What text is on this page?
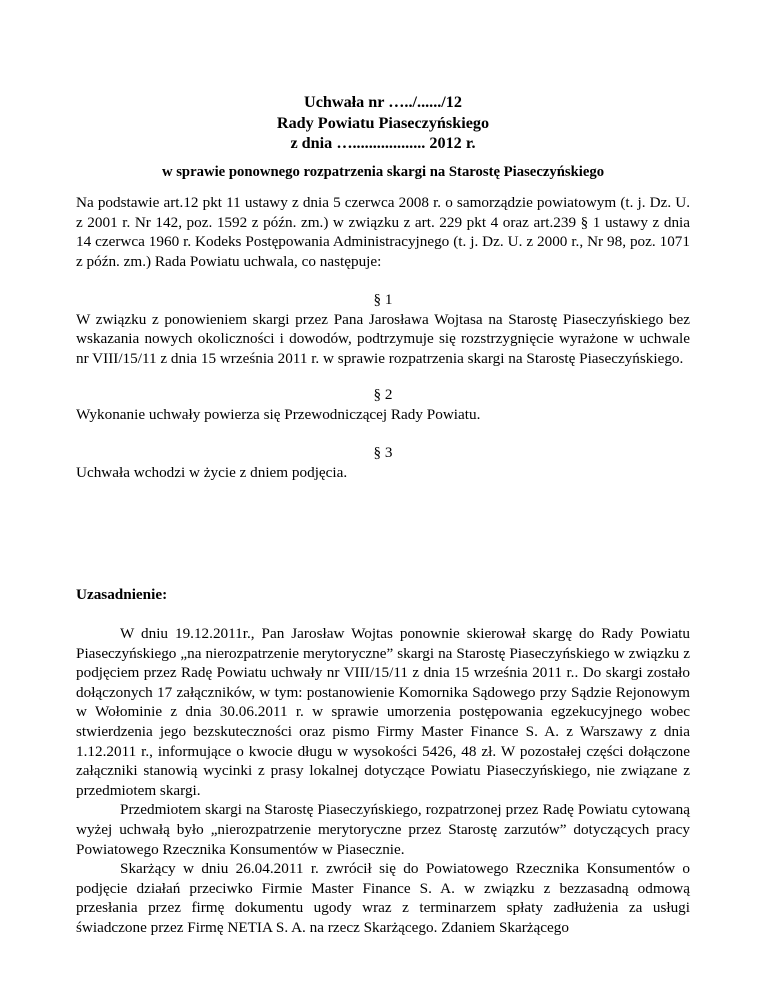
Uchwała nr …../....../12
Rady Powiatu Piaseczyńskiego
z dnia ….................. 2012 r.
w sprawie ponownego rozpatrzenia skargi na Starostę Piaseczyńskiego

Na podstawie art.12 pkt 11 ustawy z dnia 5 czerwca 2008 r. o samorządzie powiatowym (t. j. Dz. U. z 2001 r. Nr 142, poz. 1592 z późn. zm.) w związku z art. 229 pkt 4 oraz art.239 § 1 ustawy z dnia 14 czerwca 1960 r. Kodeks Postępowania Administracyjnego (t. j. Dz. U. z 2000 r., Nr 98, poz. 1071 z późn. zm.) Rada Powiatu uchwala, co następuje:

§ 1

W związku z ponowieniem skargi przez Pana Jarosława Wojtasa na Starostę Piaseczyńskiego bez wskazania nowych okoliczności i dowodów, podtrzymuje się rozstrzygnięcie wyrażone w uchwale nr VIII/15/11 z dnia 15 września 2011 r. w sprawie rozpatrzenia skargi na Starostę Piaseczyńskiego.

§ 2

Wykonanie uchwały powierza się Przewodniczącej Rady Powiatu.

§ 3

Uchwała wchodzi w życie z dniem podjęcia.

Uzasadnienie:

W dniu 19.12.2011r., Pan Jarosław Wojtas ponownie skierował skargę do Rady Powiatu Piaseczyńskiego „na nierozpatrzenie merytoryczne” skargi na Starostę Piaseczyńskiego w związku z podjęciem przez Radę Powiatu uchwały nr VIII/15/11 z dnia 15 września 2011 r.. Do skargi zostało dołączonych 17 załączników, w tym: postanowienie Komornika Sądowego przy Sądzie Rejonowym w Wołominie z dnia 30.06.2011 r. w sprawie umorzenia postępowania egzekucyjnego wobec stwierdzenia jego bezskuteczności oraz pismo Firmy Master Finance S. A. z Warszawy z dnia 1.12.2011 r., informujące o kwocie długu w wysokości 5426, 48 zł. W pozostałej części dołączone załączniki stanowią wycinki z prasy lokalnej dotyczące Powiatu Piaseczyńskiego, nie związane z przedmiotem skargi.

Przedmiotem skargi na Starostę Piaseczyńskiego, rozpatrzonej przez Radę Powiatu cytowaną wyżej uchwałą było „nierozpatrzenie merytoryczne przez Starostę zarzutów” dotyczących pracy Powiatowego Rzecznika Konsumentów w Piasecznie.

Skarżący w dniu 26.04.2011 r. zwrócił się do Powiatowego Rzecznika Konsumentów o podjęcie działań przeciwko Firmie Master Finance S. A. w związku z bezzasadną odmową przesłania przez firmę dokumentu ugody wraz z terminarzem spłaty zadłużenia za usługi świadczone przez Firmę NETIA S. A. na rzecz Skarżącego. Zdaniem Skarżącego
